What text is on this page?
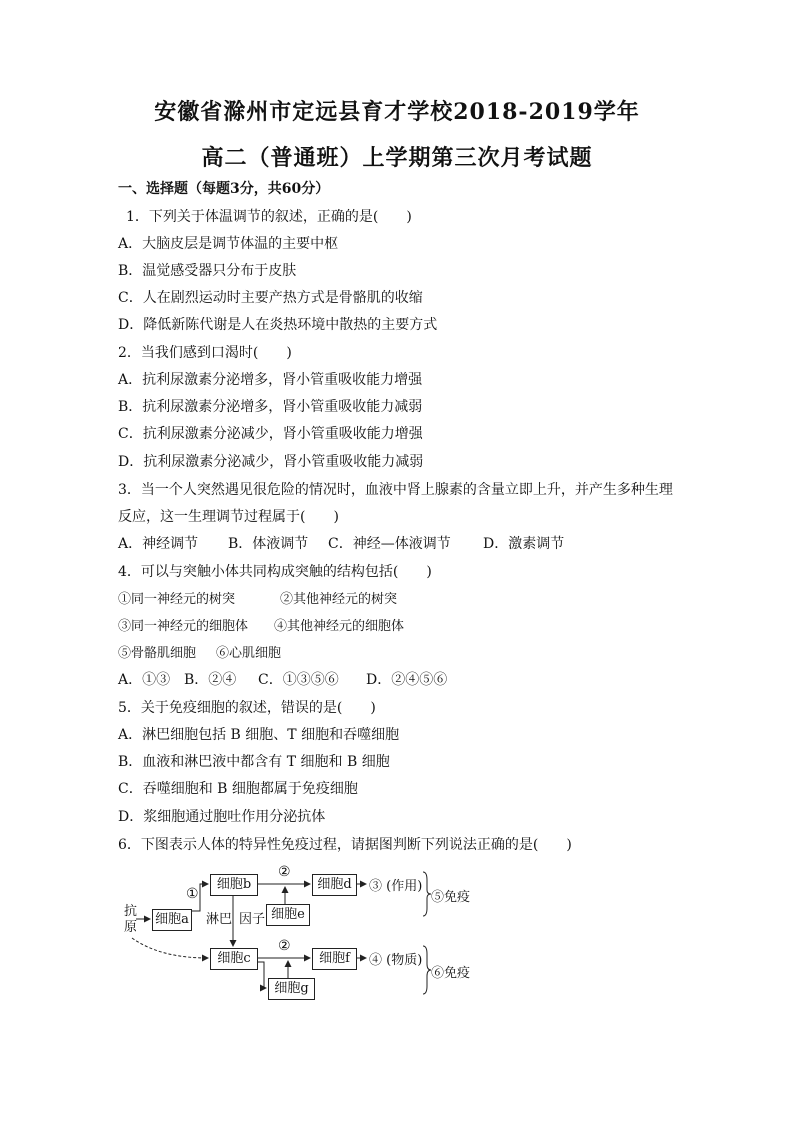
安徽省滁州市定远县育才学校2018-2019学年
高二（普通班）上学期第三次月考试题
一、选择题（每题3分，共60分）
1．下列关于体温调节的叙述，正确的是(　　)
A．大脑皮层是调节体温的主要中枢
B．温觉感受器只分布于皮肤
C．人在剧烈运动时主要产热方式是骨骼肌的收缩
D．降低新陈代谢是人在炎热环境中散热的主要方式
2．当我们感到口渴时(　　)
A．抗利尿激素分泌增多，肾小管重吸收能力增强
B．抗利尿激素分泌增多，肾小管重吸收能力减弱
C．抗利尿激素分泌减少，肾小管重吸收能力增强
D．抗利尿激素分泌减少，肾小管重吸收能力减弱
3．当一个人突然遇见很危险的情况时，血液中肾上腺素的含量立即上升，并产生多种生理
反应，这一生理调节过程属于(　　)
A．神经调节 B．体液调节 C．神经—体液调节 D．激素调节
4．可以与突触小体共同构成突触的结构包括(　　)
①同一神经元的树突	②其他神经元的树突
③同一神经元的细胞体 ④其他神经元的细胞体
⑤骨骼肌细胞 ⑥心肌细胞
A．①③ B．②④ C．①③⑤⑥ D．②④⑤⑥
5．关于免疫细胞的叙述，错误的是(　　)
A．淋巴细胞包括 B 细胞、T 细胞和吞噬细胞
B．血液和淋巴液中都含有 T 细胞和 B 细胞
C．吞噬细胞和 B 细胞都属于免疫细胞
D．浆细胞通过胞吐作用分泌抗体
6．下图表示人体的特异性免疫过程，请据图判断下列说法正确的是(　　)
抗原
细胞a
细胞b	细胞d
细胞e
细胞c	细胞f
细胞g
①
②
②
淋巴 因子
③ (作用)
④ (物质)
⑤免疫
⑥免疫
